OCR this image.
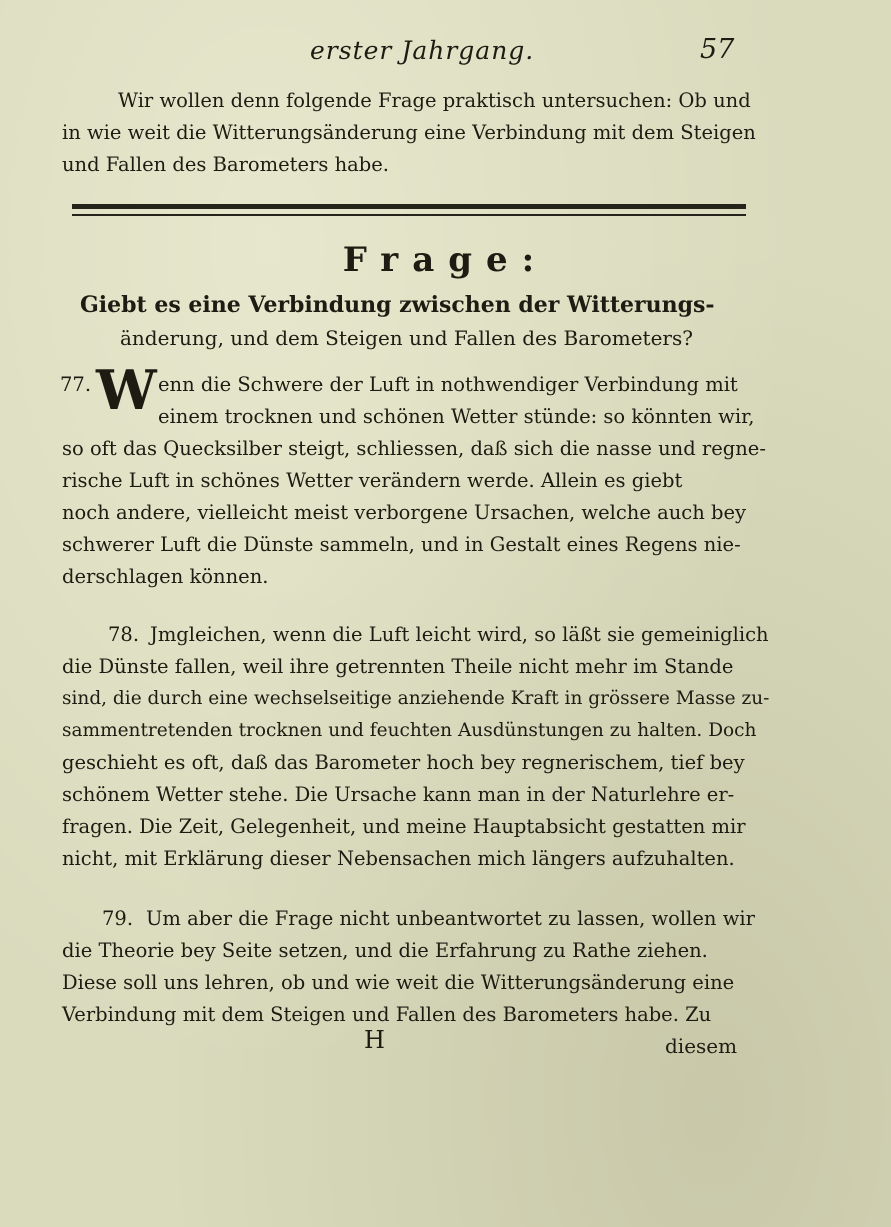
erster Jahrgang.	57
Wir wollen denn folgende Frage praktisch untersuchen: Ob und
in wie weit die Witterungsänderung eine Verbindung mit dem Steigen
und Fallen des Barometers habe.
Frage:
Giebt es eine Verbindung zwischen der Witterungs-
änderung, und dem Steigen und Fallen des Barometers?
77. W enn die Schwere der Luft in nothwendiger Verbindung mit
einem trocknen und schönen Wetter stünde: so könnten wir,
so oft das Quecksilber steigt, schliessen, daß sich die nasse und regne-
rische Luft in schönes Wetter verändern werde. Allein es giebt
noch andere, vielleicht meist verborgene Ursachen, welche auch bey
schwerer Luft die Dünste sammeln, und in Gestalt eines Regens nie-
derschlagen können.
78. Jmgleichen, wenn die Luft leicht wird, so läßt sie gemeiniglich
die Dünste fallen, weil ihre getrennten Theile nicht mehr im Stande
sind, die durch eine wechselseitige anziehende Kraft in grössere Masse zu-
sammentretenden trocknen und feuchten Ausdünstungen zu halten. Doch
geschieht es oft, daß das Barometer hoch bey regnerischem, tief bey
schönem Wetter stehe. Die Ursache kann man in der Naturlehre er-
fragen. Die Zeit, Gelegenheit, und meine Hauptabsicht gestatten mir
nicht, mit Erklärung dieser Nebensachen mich längers aufzuhalten.
79. Um aber die Frage nicht unbeantwortet zu lassen, wollen wir
die Theorie bey Seite setzen, und die Erfahrung zu Rathe ziehen.
Diese soll uns lehren, ob und wie weit die Witterungsänderung eine
Verbindung mit dem Steigen und Fallen des Barometers habe. Zu
H	diesem
